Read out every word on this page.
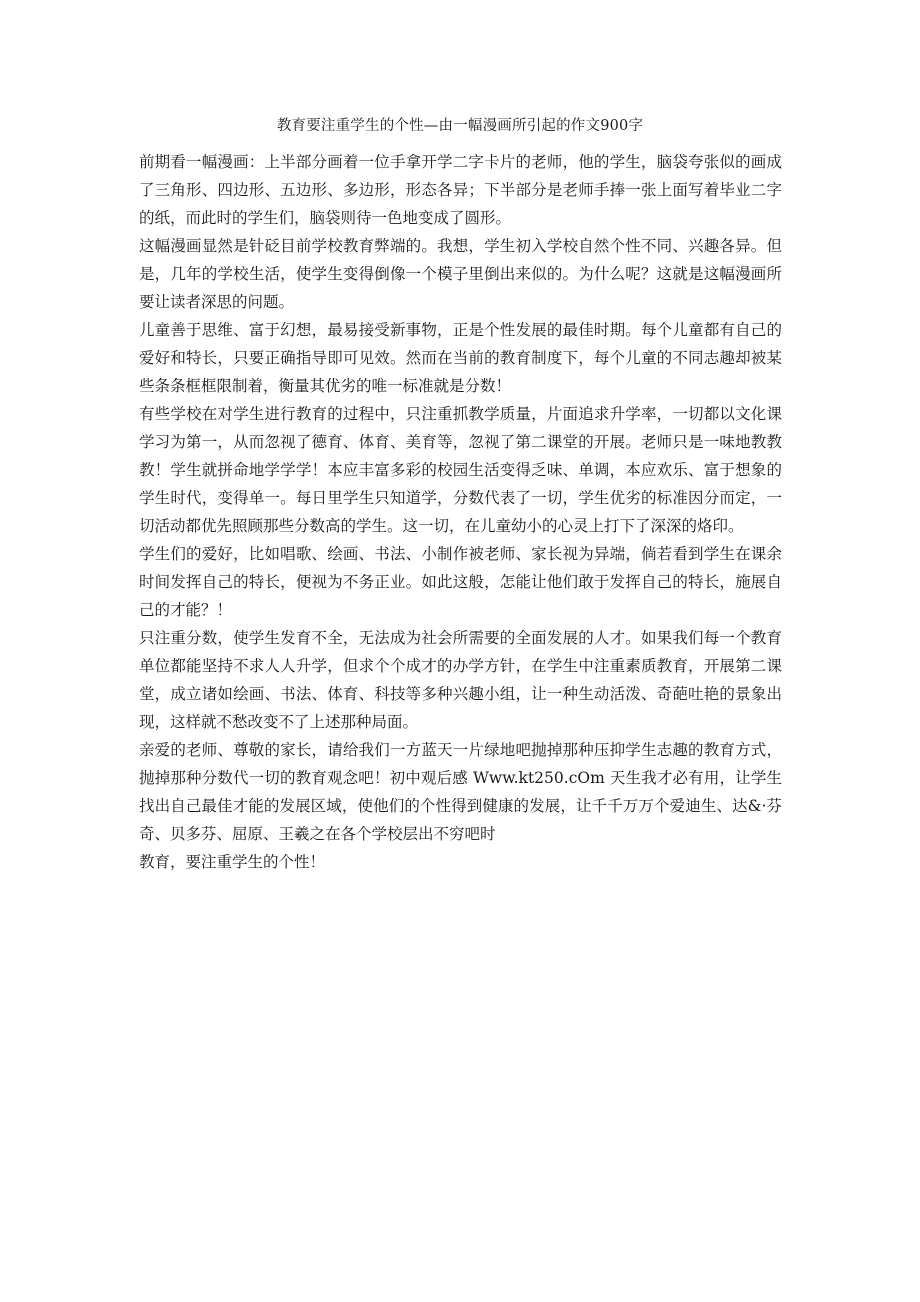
教育要注重学生的个性—由一幅漫画所引起的作文900字

前期看一幅漫画：上半部分画着一位手拿开学二字卡片的老师，他的学生，脑袋夸张似的画成了三角形、四边形、五边形、多边形，形态各异；下半部分是老师手捧一张上面写着毕业二字的纸，而此时的学生们，脑袋则待一色地变成了圆形。

这幅漫画显然是针砭目前学校教育弊端的。我想，学生初入学校自然个性不同、兴趣各异。但是，几年的学校生活，使学生变得倒像一个模子里倒出来似的。为什么呢？这就是这幅漫画所要让读者深思的问题。

儿童善于思维、富于幻想，最易接受新事物，正是个性发展的最佳时期。每个儿童都有自己的爱好和特长，只要正确指导即可见效。然而在当前的教育制度下，每个儿童的不同志趣却被某些条条框框限制着，衡量其优劣的唯一标准就是分数！

有些学校在对学生进行教育的过程中，只注重抓教学质量，片面追求升学率，一切都以文化课学习为第一，从而忽视了德育、体育、美育等，忽视了第二课堂的开展。老师只是一味地教教教！学生就拼命地学学学！本应丰富多彩的校园生活变得乏味、单调，本应欢乐、富于想象的学生时代，变得单一。每日里学生只知道学，分数代表了一切，学生优劣的标准因分而定，一切活动都优先照顾那些分数高的学生。这一切，在儿童幼小的心灵上打下了深深的烙印。

学生们的爱好，比如唱歌、绘画、书法、小制作被老师、家长视为异端，倘若看到学生在课余时间发挥自己的特长，便视为不务正业。如此这般，怎能让他们敢于发挥自己的特长，施展自己的才能？！

只注重分数，使学生发育不全，无法成为社会所需要的全面发展的人才。如果我们每一个教育单位都能坚持不求人人升学，但求个个成才的办学方针，在学生中注重素质教育，开展第二课堂，成立诸如绘画、书法、体育、科技等多种兴趣小组，让一种生动活泼、奇葩吐艳的景象出现，这样就不愁改变不了上述那种局面。

亲爱的老师、尊敬的家长，请给我们一方蓝天一片绿地吧抛掉那种压抑学生志趣的教育方式，抛掉那种分数代一切的教育观念吧！初中观后感 Www.kt250.cOm 天生我才必有用，让学生找出自己最佳才能的发展区域，使他们的个性得到健康的发展，让千千万万个爱迪生、达&·芬奇、贝多芬、屈原、王羲之在各个学校层出不穷吧时

教育，要注重学生的个性！
